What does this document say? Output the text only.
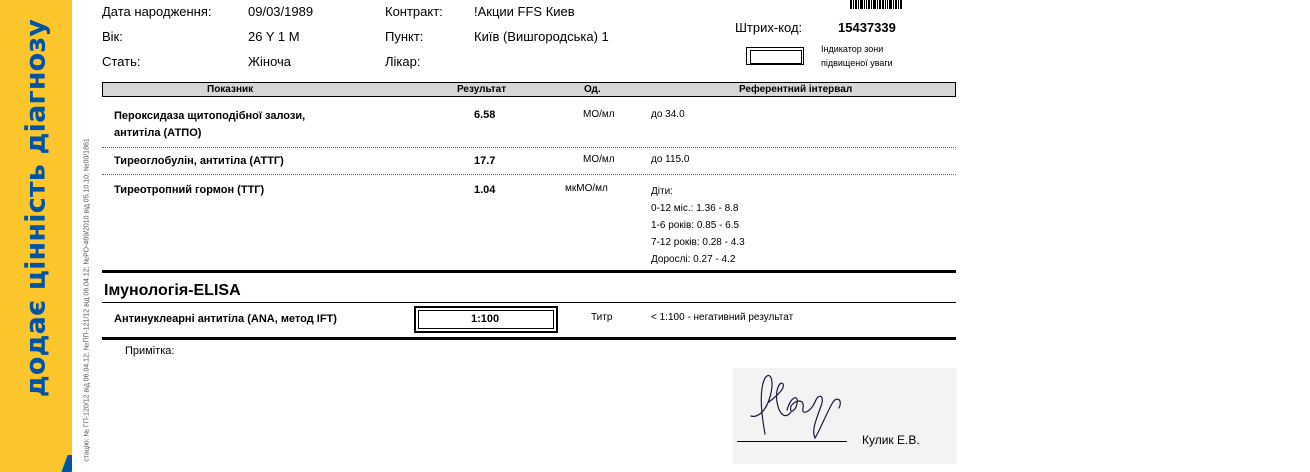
додає цінність діагнозу	стацію: № ГП-120/12 від 06.04.12; №ПП-121/12 від 06.04.12; №РО-469/2010 від 05.10.10; №00/1861
Дата народження:	09/03/1989
Вік:	26 Y 1 M
Стать:	Жіноча
Контракт: !Акции FFS Киев
Пункт:	Київ (Вишгородська) 1
Лікар:
Штрих-код:	15437339
Індикатор зони
підвищеної уваги
Показник	Результат	Од.	Референтний інтервал
Пероксидаза щитоподібної залози,
антитіла (АТПО)
6.58	МО/мл	до 34.0
Тиреоглобулін, антитіла (АТТГ)	17.7	МО/мл	до 115.0
Тиреотропний гормон (ТТГ)	1.04	мкМО/мл	Діти:
0-12 міс.: 1.36 - 8.8
1-6 років: 0.85 - 6.5
7-12 років: 0.28 - 4.3
Дорослі: 0.27 - 4.2
Імунологія-ELISA
Антинуклеарні антитіла (ANA, метод IFT)	1:100	Титр	< 1:100 - негативний результат
Примітка:
Кулик Е.В.
